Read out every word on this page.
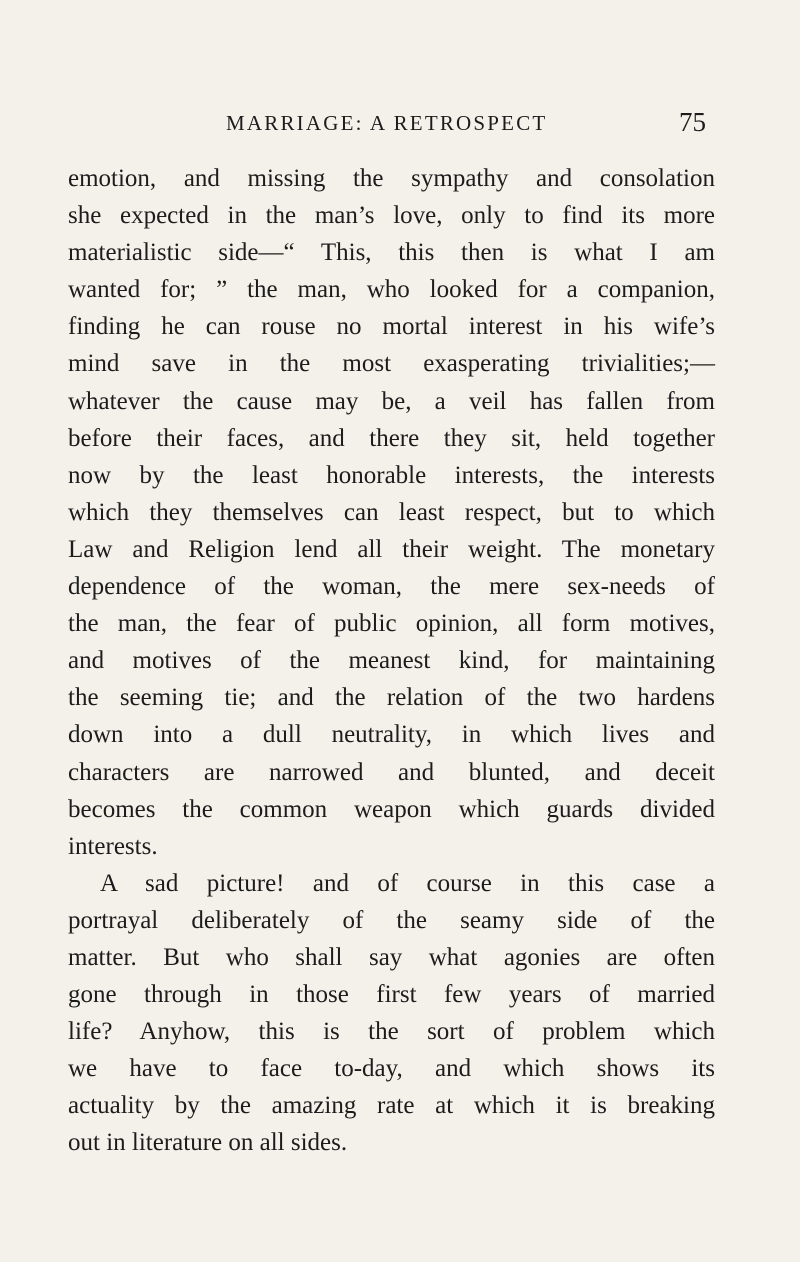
MARRIAGE: A RETROSPECT	75
emotion, and missing the sympathy and consolation
she expected in the man’s love, only to find its more
materialistic side—“ This, this then is what I am
wanted for; ” the man, who looked for a companion,
finding he can rouse no mortal interest in his wife’s
mind save in the most exasperating trivialities;—
whatever the cause may be, a veil has fallen from
before their faces, and there they sit, held together
now by the least honorable interests, the interests
which they themselves can least respect, but to which
Law and Religion lend all their weight. The monetary
dependence of the woman, the mere sex-needs of
the man, the fear of public opinion, all form motives,
and motives of the meanest kind, for maintaining
the seeming tie; and the relation of the two hardens
down into a dull neutrality, in which lives and
characters are narrowed and blunted, and deceit
becomes the common weapon which guards divided
interests.
A sad picture! and of course in this case a
portrayal deliberately of the seamy side of the
matter. But who shall say what agonies are often
gone through in those first few years of married
life? Anyhow, this is the sort of problem which
we have to face to-day, and which shows its
actuality by the amazing rate at which it is breaking
out in literature on all sides.
